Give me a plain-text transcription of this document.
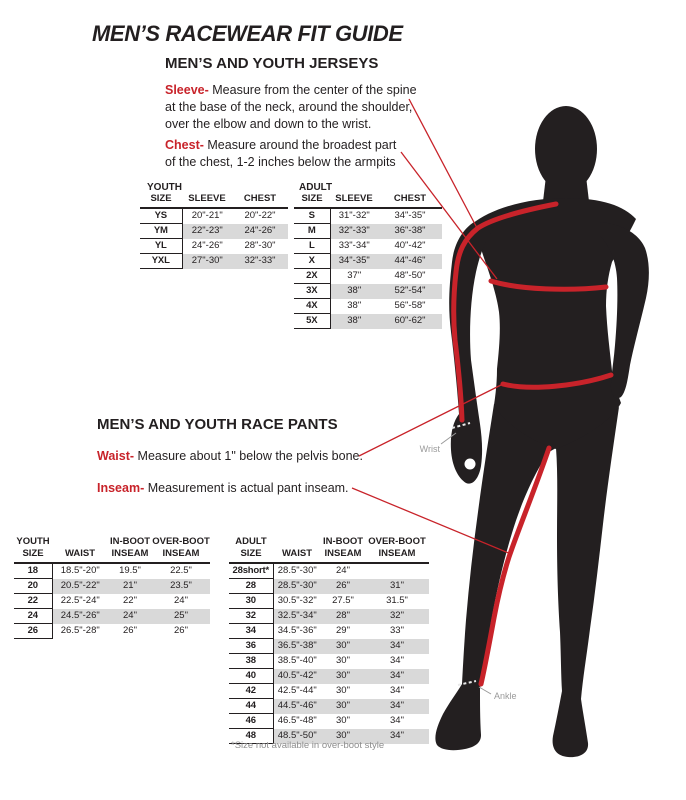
Wrist
Ankle
MEN’S RACEWEAR FIT GUIDE
MEN’S AND YOUTH JERSEYS
Sleeve- Measure from the center of the spine
at the base of the neck, around the shoulder,
over the elbow and down to the wrist.
Chest- Measure around the broadest part
of the chest, 1-2 inches below the armpits
YOUTH
SIZE	SLEEVE	CHEST
YS	20"-21"	20"-22"
YM	22"-23"	24"-26"
YL	24"-26"	28"-30"
YXL	27"-30"	32"-33"
ADULT
SIZE	SLEEVE	CHEST
S	31"-32"	34"-35"
M	32"-33"	36"-38"
L	33"-34"	40"-42"
X	34"-35"	44"-46"
2X	37"	48"-50"
3X	38"	52"-54"
4X	38"	56"-58"
5X	38"	60"-62"
MEN’S AND YOUTH RACE PANTS
Waist- Measure about 1" below the pelvis bone.
Inseam- Measurement is actual pant inseam.
YOUTH
SIZE	WAIST

IN-BOOT
INSEAM

OVER-BOOT
INSEAM

18	18.5"-20"	19.5"	22.5"
20	20.5"-22"	21"	23.5"
22	22.5"-24"	22"	24"
24	24.5"-26"	24"	25"
26	26.5"-28"	26"	26"
ADULT
SIZE	WAIST

IN-BOOT
INSEAM

OVER-BOOT
INSEAM

28short*	28.5"-30"	24"	
28	28.5"-30"	26"	31"
30	30.5"-32"	27.5"	31.5"
32	32.5"-34"	28"	32"
34	34.5"-36"	29"	33"
36	36.5"-38"	30"	34"
38	38.5"-40"	30"	34"
40	40.5"-42"	30"	34"
42	42.5"-44"	30"	34"
44	44.5"-46"	30"	34"
46	46.5"-48"	30"	34"
48	48.5"-50"	30"	34"
*Size not available in over-boot style
